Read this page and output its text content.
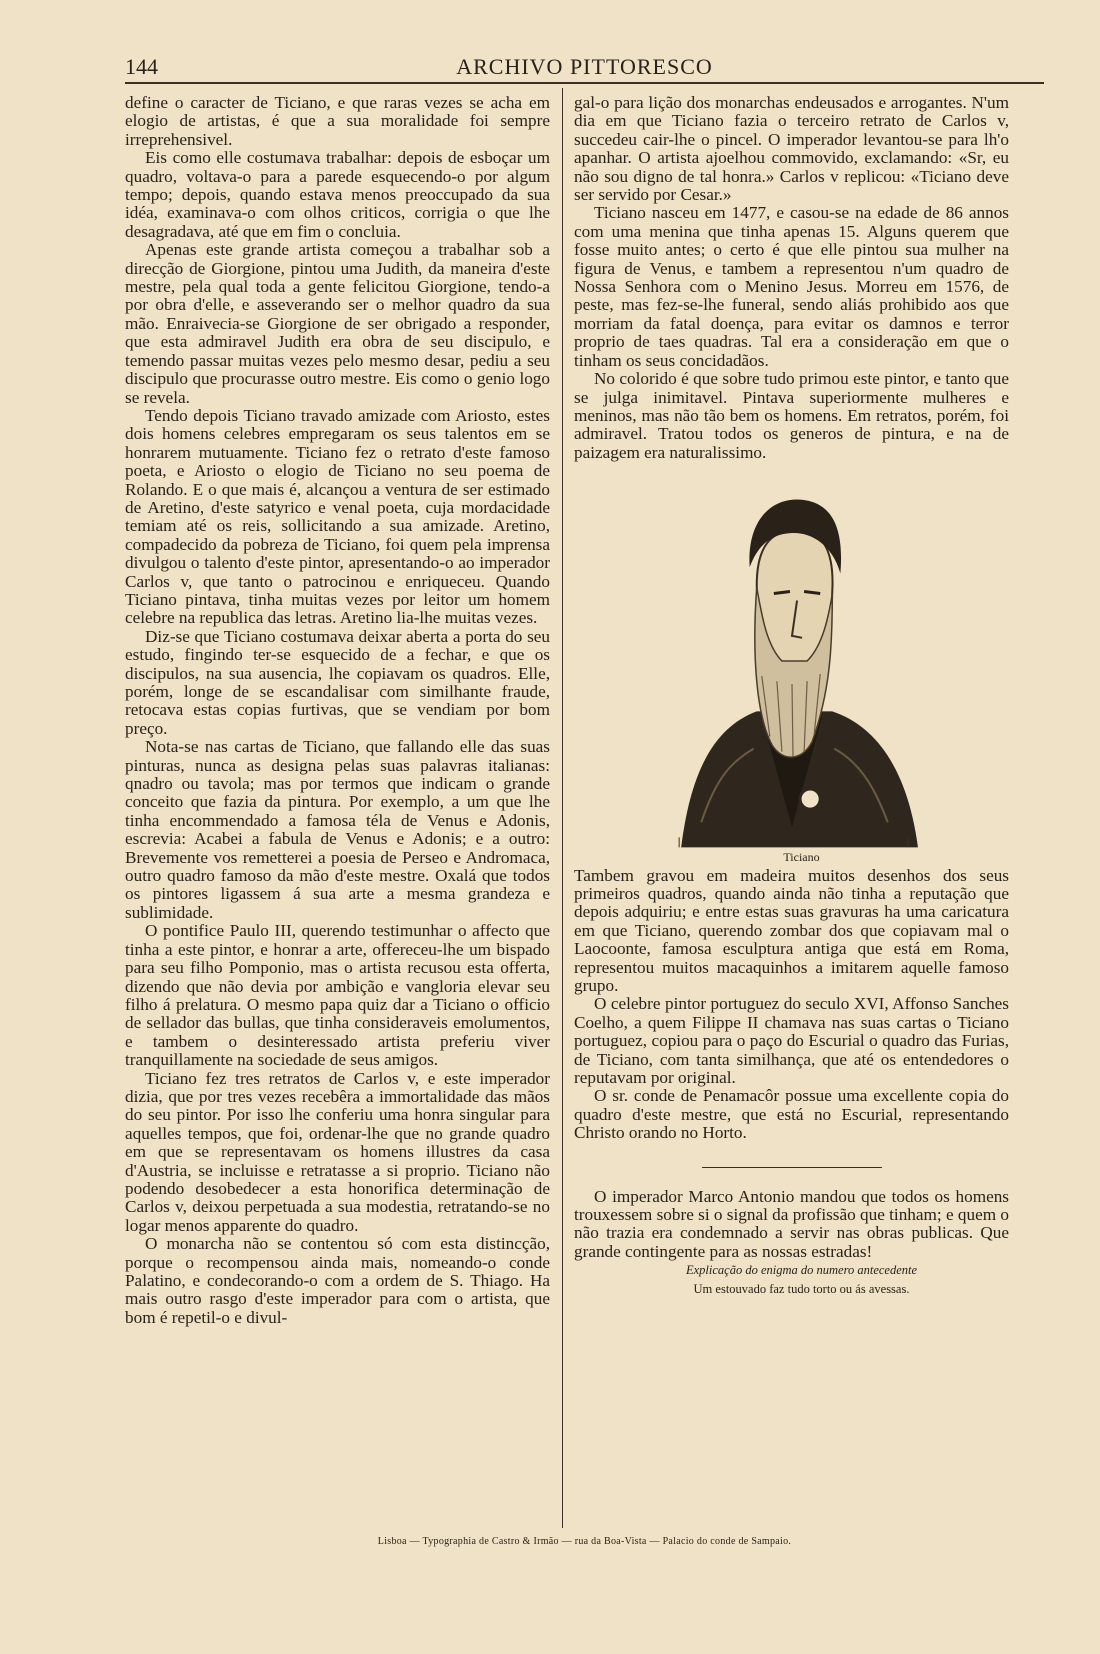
144	ARCHIVO PITTORESCO

define o caracter de Ticiano, e que raras vezes se acha em elogio de artistas, é que a sua moralidade foi sempre irreprehensivel.

Eis como elle costumava trabalhar: depois de esboçar um quadro, voltava-o para a parede esquecendo-o por algum tempo; depois, quando estava menos preoccupado da sua idéa, examinava-o com olhos criticos, corrigia o que lhe desagradava, até que em fim o concluia.

Apenas este grande artista começou a trabalhar sob a direcção de Giorgione, pintou uma Judith, da maneira d'este mestre, pela qual toda a gente felicitou Giorgione, tendo-a por obra d'elle, e asseverando ser o melhor quadro da sua mão. Enraivecia-se Giorgione de ser obrigado a responder, que esta admiravel Judith era obra de seu discipulo, e temendo passar muitas vezes pelo mesmo desar, pediu a seu discipulo que procurasse outro mestre. Eis como o genio logo se revela.

Tendo depois Ticiano travado amizade com Ariosto, estes dois homens celebres empregaram os seus talentos em se honrarem mutuamente. Ticiano fez o retrato d'este famoso poeta, e Ariosto o elogio de Ticiano no seu poema de Rolando. E o que mais é, alcançou a ventura de ser estimado de Aretino, d'este satyrico e venal poeta, cuja mordacidade temiam até os reis, sollicitando a sua amizade. Aretino, compadecido da pobreza de Ticiano, foi quem pela imprensa divulgou o talento d'este pintor, apresentando-o ao imperador Carlos v, que tanto o patrocinou e enriqueceu. Quando Ticiano pintava, tinha muitas vezes por leitor um homem celebre na republica das letras. Aretino lia-lhe muitas vezes.

Diz-se que Ticiano costumava deixar aberta a porta do seu estudo, fingindo ter-se esquecido de a fechar, e que os discipulos, na sua ausencia, lhe copiavam os quadros. Elle, porém, longe de se escandalisar com similhante fraude, retocava estas copias furtivas, que se vendiam por bom preço.

Nota-se nas cartas de Ticiano, que fallando elle das suas pinturas, nunca as designa pelas suas palavras italianas: qnadro ou tavola; mas por termos que indicam o grande conceito que fazia da pintura. Por exemplo, a um que lhe tinha encommendado a famosa téla de Venus e Adonis, escrevia: Acabei a fabula de Venus e Adonis; e a outro: Brevemente vos remetterei a poesia de Perseo e Andromaca, outro quadro famoso da mão d'este mestre. Oxalá que todos os pintores ligassem á sua arte a mesma grandeza e sublimidade.

O pontifice Paulo III, querendo testimunhar o affecto que tinha a este pintor, e honrar a arte, offereceu-lhe um bispado para seu filho Pomponio, mas o artista recusou esta offerta, dizendo que não devia por ambição e vangloria elevar seu filho á prelatura. O mesmo papa quiz dar a Ticiano o officio de sellador das bullas, que tinha consideraveis emolumentos, e tambem o desinteressado artista preferiu viver tranquillamente na sociedade de seus amigos.

Ticiano fez tres retratos de Carlos v, e este imperador dizia, que por tres vezes recebêra a immortalidade das mãos do seu pintor. Por isso lhe conferiu uma honra singular para aquelles tempos, que foi, ordenar-lhe que no grande quadro em que se representavam os homens illustres da casa d'Austria, se incluisse e retratasse a si proprio. Ticiano não podendo desobedecer a esta honorifica determinação de Carlos v, deixou perpetuada a sua modestia, retratando-se no logar menos apparente do quadro.

O monarcha não se contentou só com esta distincção, porque o recompensou ainda mais, nomeando-o conde Palatino, e condecorando-o com a ordem de S. Thiago. Ha mais outro rasgo d'este imperador para com o artista, que bom é repetil-o e divul-

gal-o para lição dos monarchas endeusados e arrogantes. N'um dia em que Ticiano fazia o terceiro retrato de Carlos v, succedeu cair-lhe o pincel. O imperador levantou-se para lh'o apanhar. O artista ajoelhou commovido, exclamando: «Sr, eu não sou digno de tal honra.» Carlos v replicou: «Ticiano deve ser servido por Cesar.»

Ticiano nasceu em 1477, e casou-se na edade de 86 annos com uma menina que tinha apenas 15. Alguns querem que fosse muito antes; o certo é que elle pintou sua mulher na figura de Venus, e tambem a representou n'um quadro de Nossa Senhora com o Menino Jesus. Morreu em 1576, de peste, mas fez-se-lhe funeral, sendo aliás prohibido aos que morriam da fatal doença, para evitar os damnos e terror proprio de taes quadras. Tal era a consideração em que o tinham os seus concidadãos.

No colorido é que sobre tudo primou este pintor, e tanto que se julga inimitavel. Pintava superiormente mulheres e meninos, mas não tão bem os homens. Em retratos, porém, foi admiravel. Tratou todos os generos de pintura, e na de paizagem era naturalissimo.

Ticiano

Tambem gravou em madeira muitos desenhos dos seus primeiros quadros, quando ainda não tinha a reputação que depois adquiriu; e entre estas suas gravuras ha uma caricatura em que Ticiano, querendo zombar dos que copiavam mal o Laocoonte, famosa esculptura antiga que está em Roma, representou muitos macaquinhos a imitarem aquelle famoso grupo.

O celebre pintor portuguez do seculo XVI, Affonso Sanches Coelho, a quem Filippe II chamava nas suas cartas o Ticiano portuguez, copiou para o paço do Escurial o quadro das Furias, de Ticiano, com tanta similhança, que até os entendedores o reputavam por original.

O sr. conde de Penamacôr possue uma excellente copia do quadro d'este mestre, que está no Escurial, representando Christo orando no Horto.

O imperador Marco Antonio mandou que todos os homens trouxessem sobre si o signal da profissão que tinham; e quem o não trazia era condemnado a servir nas obras publicas. Que grande contingente para as nossas estradas!

Explicação do enigma do numero antecedente

Um estouvado faz tudo torto ou ás avessas.

Lisboa — Typographia de Castro & Irmão — rua da Boa-Vista — Palacio do conde de Sampaio.
